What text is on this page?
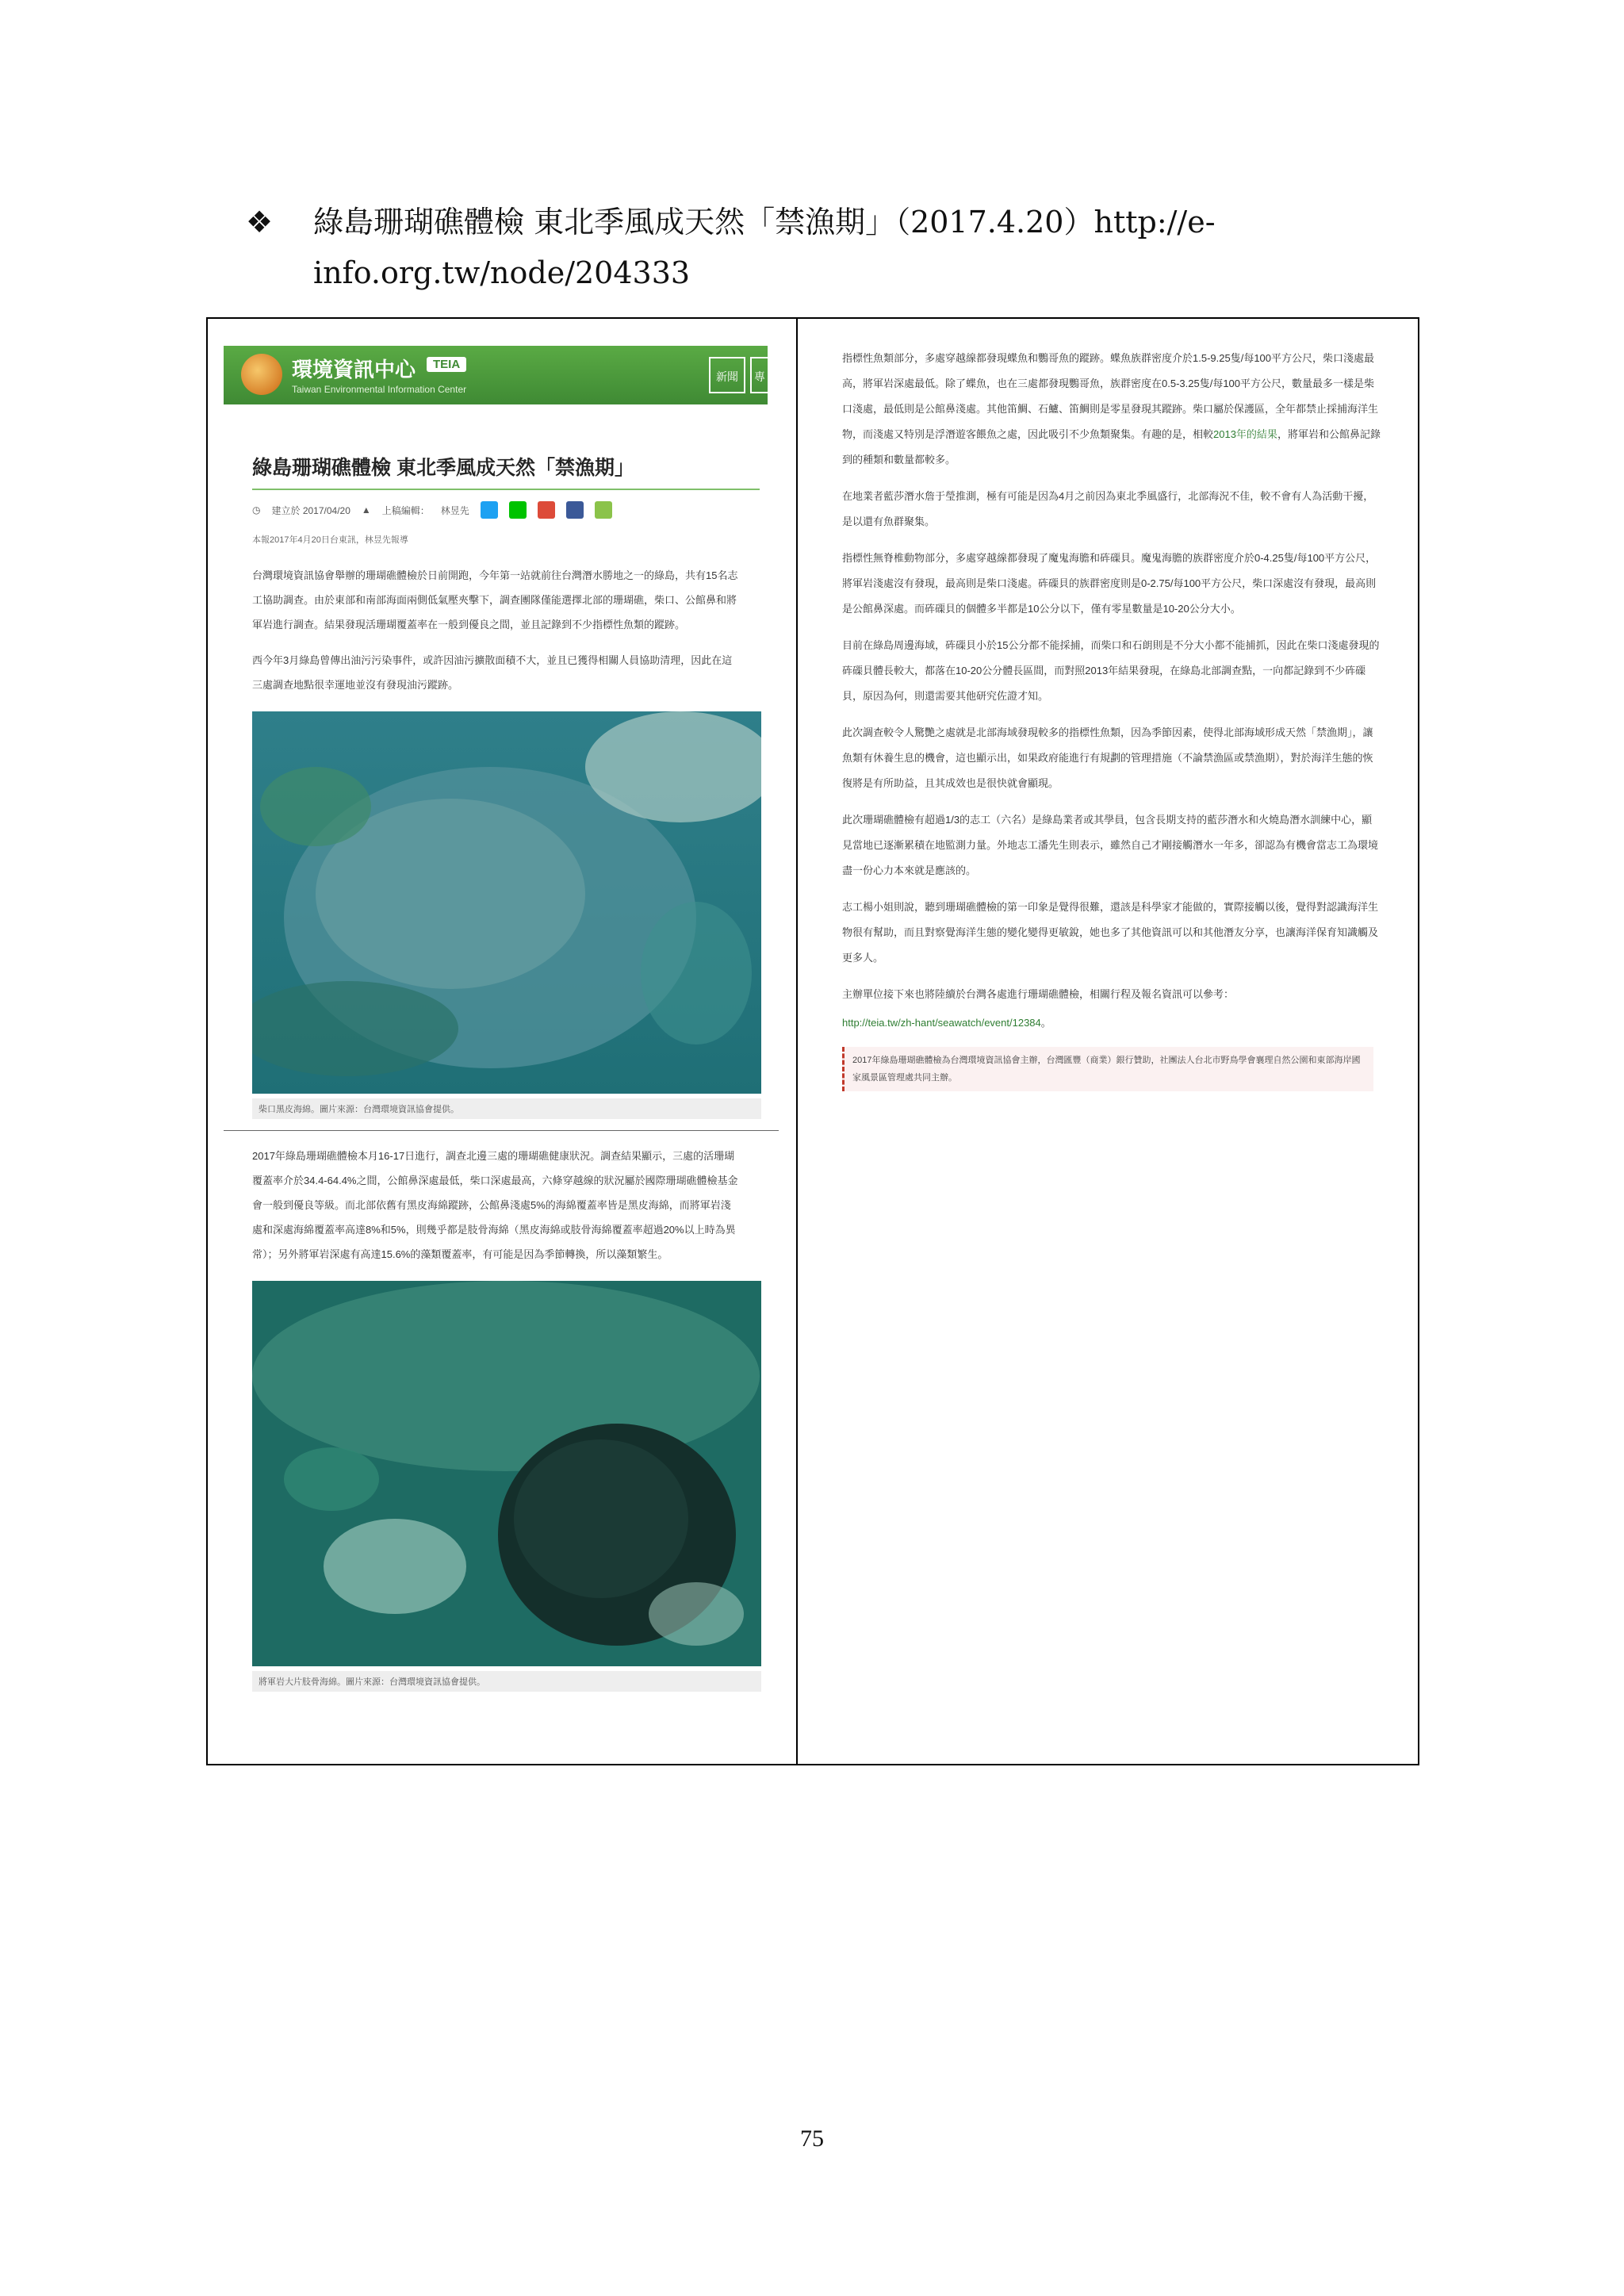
❖ 綠島珊瑚礁體檢 東北季風成天然「禁漁期」（2017.4.20）http://e-info.org.tw/node/204333
環境資訊中心	TEIA
Taiwan Environmental Information Center
新聞	專
綠島珊瑚礁體檢 東北季風成天然「禁漁期」
◷ 建立於 2017/04/20 ▲ 上稿編輯： 林昱先
本報2017年4月20日台東訊，林昱先報導
台灣環境資訊協會舉辦的珊瑚礁體檢於日前開跑，今年第一站就前往台灣潛水勝地之一的綠島，共有15名志工協助調查。由於東部和南部海面兩側低氣壓夾擊下，調查團隊僅能選擇北部的珊瑚礁，柴口、公館鼻和將軍岩進行調查。結果發現活珊瑚覆蓋率在一般到優良之間，並且記錄到不少指標性魚類的蹤跡。
西今年3月綠島曾傳出油污污染事件，或許因油污擴散面積不大，並且已獲得相關人員協助清理，因此在這三處調查地點很幸運地並沒有發現油污蹤跡。
柴口黑皮海綿。圖片來源：台灣環境資訊協會提供。
2017年綠島珊瑚礁體檢本月16-17日進行，調查北邊三處的珊瑚礁健康狀況。調查結果顯示，三處的活珊瑚覆蓋率介於34.4-64.4%之間，公館鼻深處最低，柴口深處最高，六條穿越線的狀況屬於國際珊瑚礁體檢基金會一般到優良等級。而北部依舊有黑皮海綿蹤跡，公館鼻淺處5%的海綿覆蓋率皆是黑皮海綿，而將軍岩淺處和深處海綿覆蓋率高達8%和5%，則幾乎都是肢骨海綿（黑皮海綿或肢骨海綿覆蓋率超過20%以上時為異常）；另外將軍岩深處有高達15.6%的藻類覆蓋率，有可能是因為季節轉換，所以藻類繁生。
將軍岩大片肢骨海綿。圖片來源：台灣環境資訊協會提供。
指標性魚類部分，多處穿越線都發現蝶魚和鸚哥魚的蹤跡。蝶魚族群密度介於1.5-9.25隻/每100平方公尺，柴口淺處最高，將軍岩深處最低。除了蝶魚，也在三處都發現鸚哥魚，族群密度在0.5-3.25隻/每100平方公尺，數量最多一樣是柴口淺處，最低則是公館鼻淺處。其他笛鯛、石鱸、笛鯛則是零星發現其蹤跡。柴口屬於保護區，全年都禁止採捕海洋生物，而淺處又特別是浮潛遊客餵魚之處，因此吸引不少魚類聚集。有趣的是，相較2013年的結果，將軍岩和公館鼻記錄到的種類和數量都較多。
在地業者藍莎潛水詹于瑩推測，極有可能是因為4月之前因為東北季風盛行，北部海況不佳，較不會有人為活動干擾，是以還有魚群聚集。
指標性無脊椎動物部分，多處穿越線都發現了魔鬼海膽和砗磲貝。魔鬼海膽的族群密度介於0-4.25隻/每100平方公尺，將軍岩淺處沒有發現，最高則是柴口淺處。砗磲貝的族群密度則是0-2.75/每100平方公尺，柴口深處沒有發現，最高則是公館鼻深處。而砗磲貝的個體多半都是10公分以下，僅有零星數量是10-20公分大小。
目前在綠島周邊海域，砗磲貝小於15公分都不能採捕，而柴口和石朗則是不分大小都不能捕抓，因此在柴口淺處發現的砗磲貝體長較大，都落在10-20公分體長區間，而對照2013年結果發現，在綠島北部調查點，一向都記錄到不少砗磲貝，原因為何，則還需要其他研究佐證才知。
此次調查較令人驚艷之處就是北部海域發現較多的指標性魚類，因為季節因素，使得北部海域形成天然「禁漁期」，讓魚類有休養生息的機會，這也顯示出，如果政府能進行有規劃的管理措施（不論禁漁區或禁漁期），對於海洋生態的恢復將是有所助益，且其成效也是很快就會顯現。
此次珊瑚礁體檢有超過1/3的志工（六名）是綠島業者或其學員，包含長期支持的藍莎潛水和火燒島潛水訓練中心，顯見當地已逐漸累積在地監測力量。外地志工潘先生則表示，雖然自己才剛接觸潛水一年多，卻認為有機會當志工為環境盡一份心力本來就是應該的。
志工楊小姐則說，聽到珊瑚礁體檢的第一印象是覺得很難，還該是科學家才能做的，實際接觸以後，覺得對認識海洋生物很有幫助，而且對察覺海洋生態的變化變得更敏銳，她也多了其他資訊可以和其他潛友分享，也讓海洋保育知識觸及更多人。
主辦單位接下來也將陸續於台灣各處進行珊瑚礁體檢，相關行程及報名資訊可以參考：
http://teia.tw/zh-hant/seawatch/event/12384。
2017年綠島珊瑚礁體檢為台灣環境資訊協會主辦，台灣匯豐（商業）銀行贊助，社團法人台北市野鳥學會襄理自然公園和東部海岸國家風景區管理處共同主辦。
75
